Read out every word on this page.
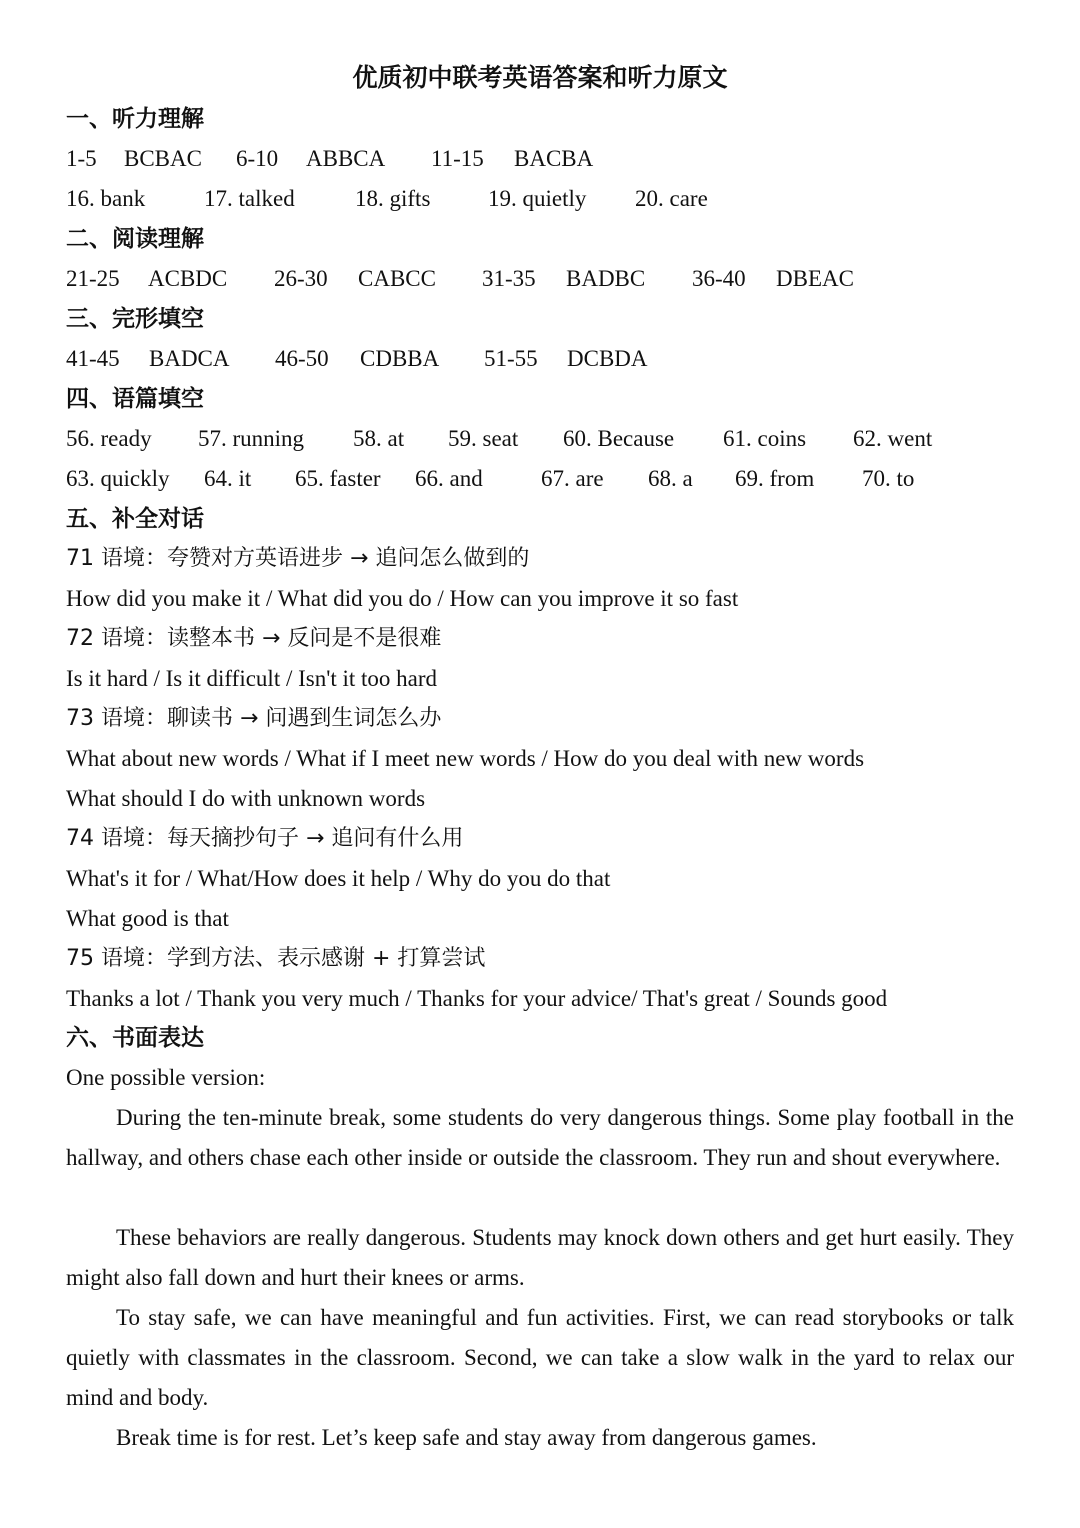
优质初中联考英语答案和听力原文
一、听力理解
1-5 BCBAC 6-10 ABBCA 11-15 BACBA
16. bank	17. talked	18. gifts	19. quietly 20. care
二、阅读理解
21-25 ACBDC 26-30 CABCC 31-35 BADBC 36-40 DBEAC
三、完形填空
41-45 BADCA 46-50 CDBBA 51-55 DCBDA
四、语篇填空
56. ready 57. running 58. at 59. seat 60. Because 61. coins 62. went
63. quickly 64. it 65. faster 66. and	67. are 68. a 69. from 70. to
五、补全对话
71 语境：夸赞对方英语进步 → 追问怎么做到的
How did you make it / What did you do / How can you improve it so fast
72 语境：读整本书 → 反问是不是很难
Is it hard / Is it difficult / Isn't it too hard
73 语境：聊读书 → 问遇到生词怎么办
What about new words / What if I meet new words / How do you deal with new words
What should I do with unknown words
74 语境：每天摘抄句子 → 追问有什么用
What's it for / What/How does it help / Why do you do that
What good is that
75 语境：学到方法、表示感谢 + 打算尝试
Thanks a lot / Thank you very much / Thanks for your advice/ That's great / Sounds good
六、书面表达
One possible version:
During the ten-minute break, some students do very dangerous things. Some play football in the hallway, and others chase each other inside or outside the classroom. They run and shout everywhere.
These behaviors are really dangerous. Students may knock down others and get hurt easily. They might also fall down and hurt their knees or arms.
To stay safe, we can have meaningful and fun activities. First, we can read storybooks or talk quietly with classmates in the classroom. Second, we can take a slow walk in the yard to relax our mind and body.
Break time is for rest. Let’s keep safe and stay away from dangerous games.
